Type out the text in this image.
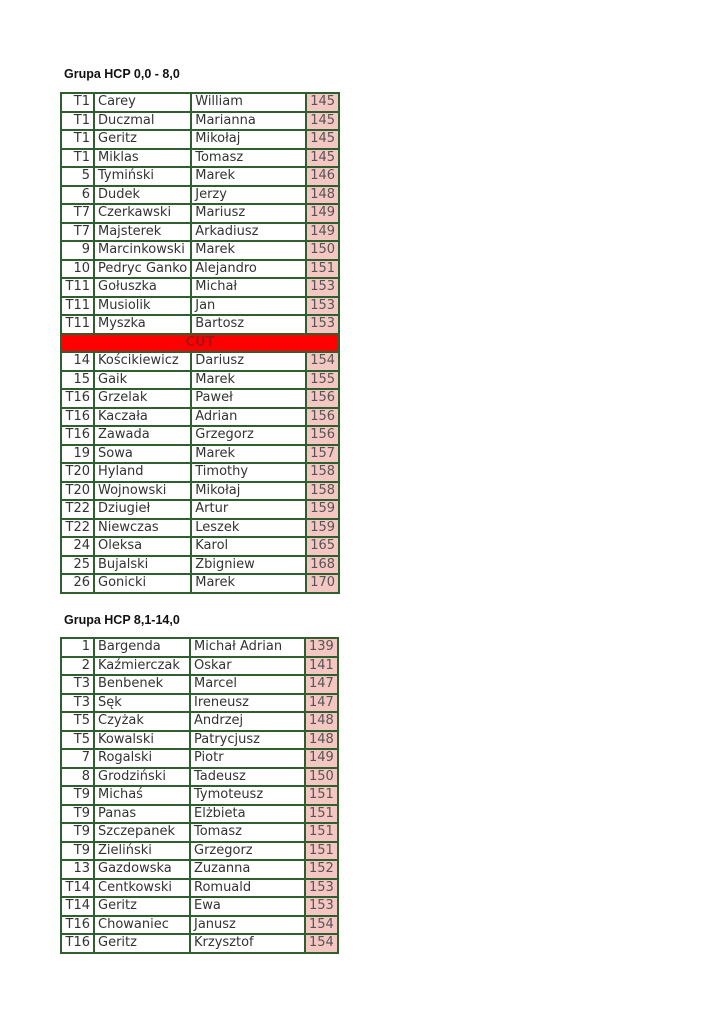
Grupa HCP 0,0 - 8,0
T1	Carey	William	145
T1	Duczmal	Marianna	145
T1	Geritz	Mikołaj	145
T1	Miklas	Tomasz	145
5	Tymiński	Marek	146
6	Dudek	Jerzy	148
T7	Czerkawski	Mariusz	149
T7	Majsterek	Arkadiusz	149
9	Marcinkowski	Marek	150
10	Pedryc Ganko	Alejandro	151
T11	Gołuszka	Michał	153
T11	Musiolik	Jan	153
T11	Myszka	Bartosz	153
CUT			
14	Kościkiewicz	Dariusz	154
15	Gaik	Marek	155
T16	Grzelak	Paweł	156
T16	Kaczała	Adrian	156
T16	Zawada	Grzegorz	156
19	Sowa	Marek	157
T20	Hyland	Timothy	158
T20	Wojnowski	Mikołaj	158
T22	Dziugieł	Artur	159
T22	Niewczas	Leszek	159
24	Oleksa	Karol	165
25	Bujalski	Zbigniew	168
26	Gonicki	Marek	170
Grupa HCP 8,1-14,0
1	Bargenda	Michał Adrian	139
2	Kaźmierczak	Oskar	141
T3	Benbenek	Marcel	147
T3	Sęk	Ireneusz	147
T5	Czyżak	Andrzej	148
T5	Kowalski	Patrycjusz	148
7	Rogalski	Piotr	149
8	Grodziński	Tadeusz	150
T9	Michaś	Tymoteusz	151
T9	Panas	Elżbieta	151
T9	Szczepanek	Tomasz	151
T9	Zieliński	Grzegorz	151
13	Gazdowska	Zuzanna	152
T14	Centkowski	Romuald	153
T14	Geritz	Ewa	153
T16	Chowaniec	Janusz	154
T16	Geritz	Krzysztof	154
